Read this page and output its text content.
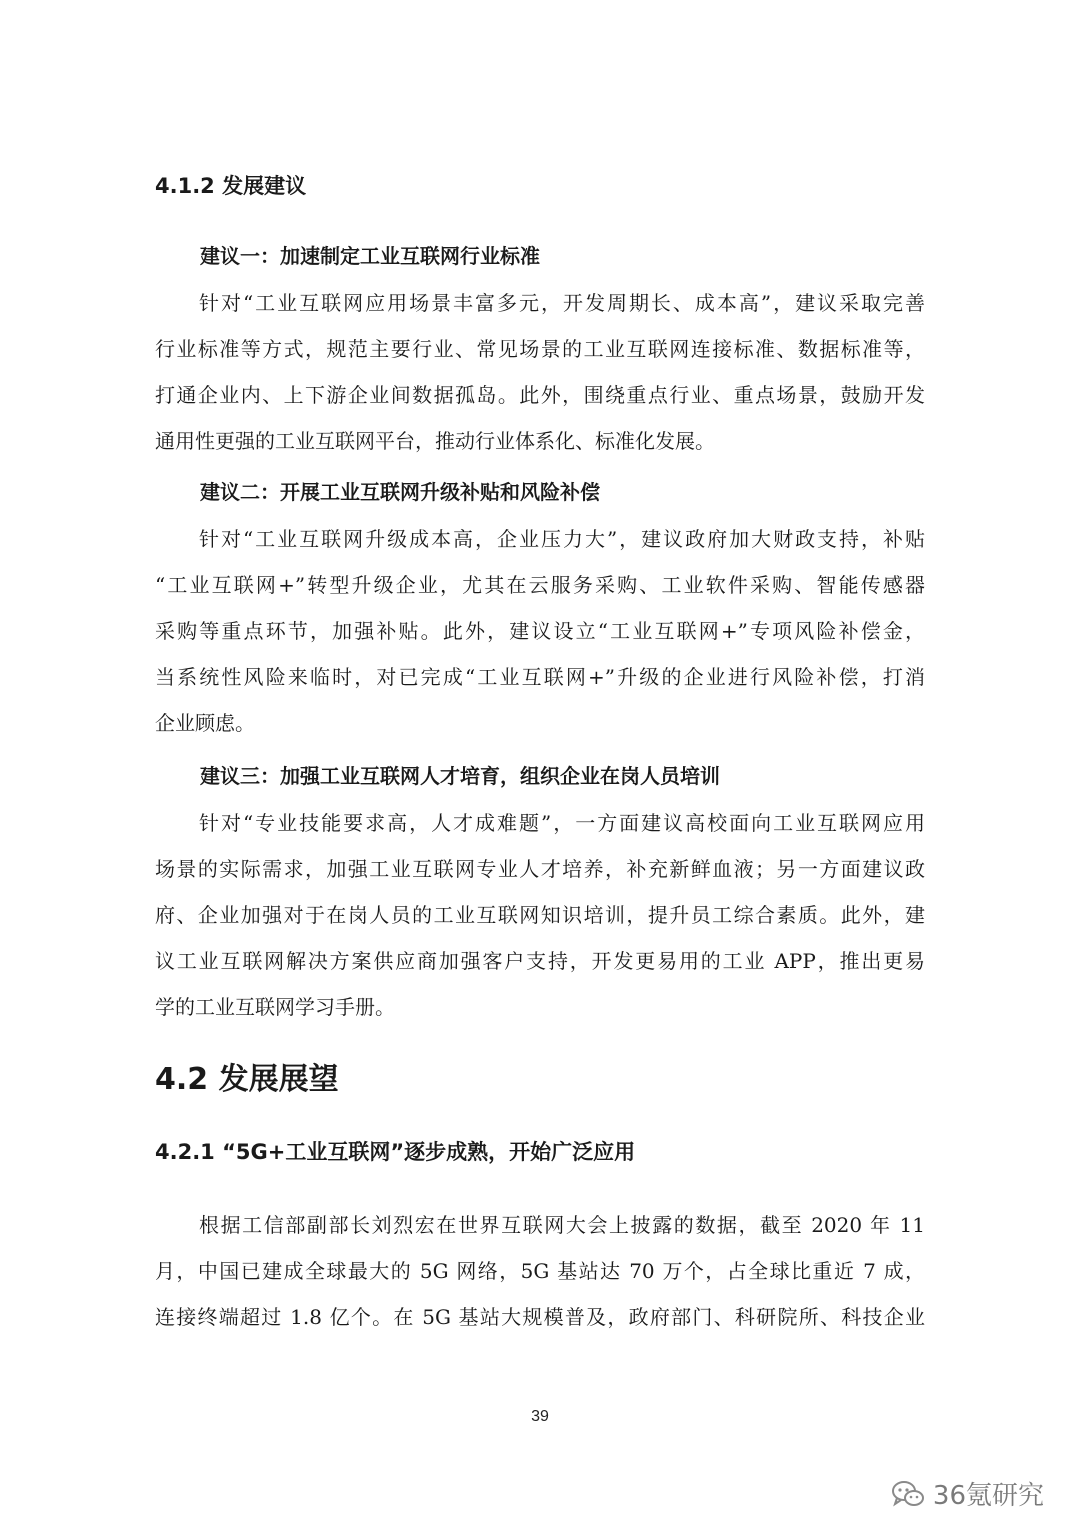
4.1.2 发展建议
建议一：加速制定工业互联网行业标准
针对“工业互联网应用场景丰富多元，开发周期长、成本高”，建议采取完善
行业标准等方式，规范主要行业、常见场景的工业互联网连接标准、数据标准等，
打通企业内、上下游企业间数据孤岛。此外，围绕重点行业、重点场景，鼓励开发
通用性更强的工业互联网平台，推动行业体系化、标准化发展。
建议二：开展工业互联网升级补贴和风险补偿
针对“工业互联网升级成本高，企业压力大”，建议政府加大财政支持，补贴
“工业互联网+”转型升级企业，尤其在云服务采购、工业软件采购、智能传感器
采购等重点环节，加强补贴。此外，建议设立“工业互联网+”专项风险补偿金，
当系统性风险来临时，对已完成“工业互联网+”升级的企业进行风险补偿，打消
企业顾虑。
建议三：加强工业互联网人才培育，组织企业在岗人员培训
针对“专业技能要求高，人才成难题”，一方面建议高校面向工业互联网应用
场景的实际需求，加强工业互联网专业人才培养，补充新鲜血液；另一方面建议政
府、企业加强对于在岗人员的工业互联网知识培训，提升员工综合素质。此外，建
议工业互联网解决方案供应商加强客户支持，开发更易用的工业 APP，推出更易
学的工业互联网学习手册。
4.2 发展展望
4.2.1 “5G+工业互联网”逐步成熟，开始广泛应用
根据工信部副部长刘烈宏在世界互联网大会上披露的数据，截至 2020 年 11
月，中国已建成全球最大的 5G 网络，5G 基站达 70 万个，占全球比重近 7 成，
连接终端超过 1.8 亿个。在 5G 基站大规模普及，政府部门、科研院所、科技企业
39
36氪研究
